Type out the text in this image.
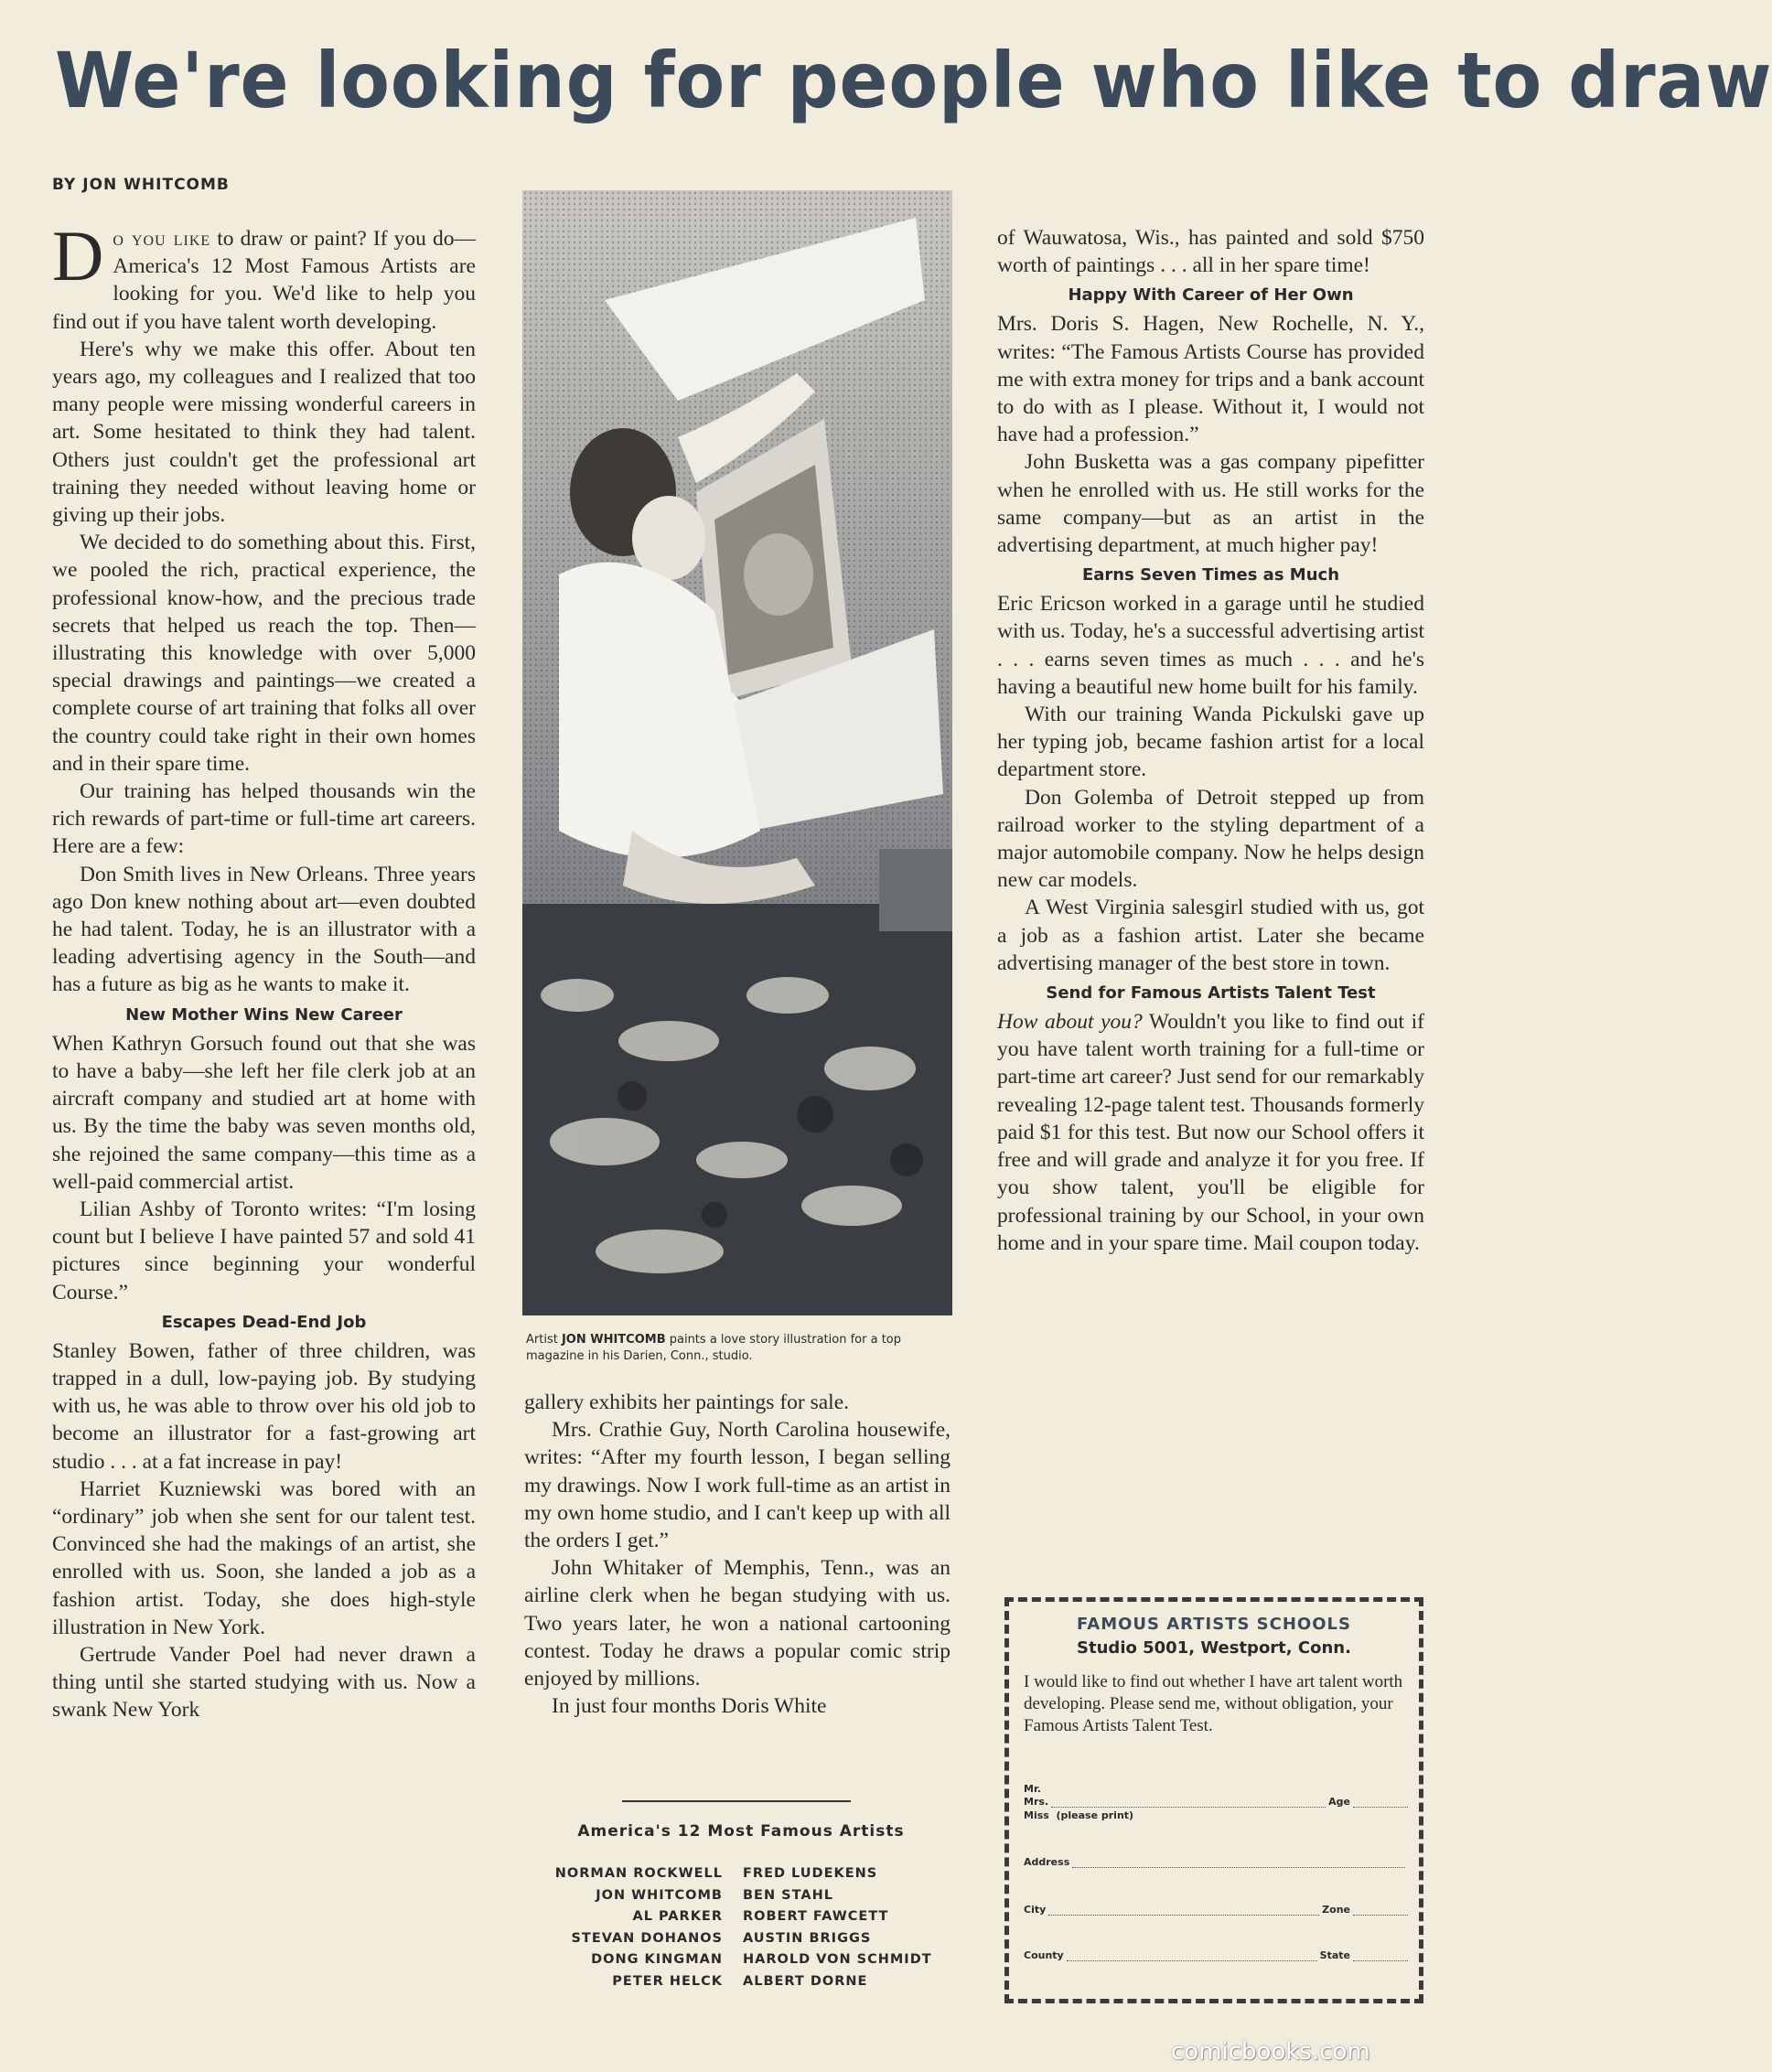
We're looking for people who like to draw
BY JON WHITCOMB

Do you like to draw or paint? If you do—America's 12 Most Famous Artists are looking for you. We'd like to help you find out if you have talent worth developing.

Here's why we make this offer. About ten years ago, my colleagues and I realized that too many people were missing wonderful careers in art. Some hesitated to think they had talent. Others just couldn't get the professional art training they needed without leaving home or giving up their jobs.

We decided to do something about this. First, we pooled the rich, practical experience, the professional know-how, and the precious trade secrets that helped us reach the top. Then—illustrating this knowledge with over 5,000 special drawings and paintings—we created a complete course of art training that folks all over the country could take right in their own homes and in their spare time.

Our training has helped thousands win the rich rewards of part-time or full-time art careers. Here are a few:

Don Smith lives in New Orleans. Three years ago Don knew nothing about art—even doubted he had talent. Today, he is an illustrator with a leading advertising agency in the South—and has a future as big as he wants to make it.

New Mother Wins New Career

When Kathryn Gorsuch found out that she was to have a baby—she left her file clerk job at an aircraft company and studied art at home with us. By the time the baby was seven months old, she rejoined the same company—this time as a well-paid commercial artist.

Lilian Ashby of Toronto writes: “I'm losing count but I believe I have painted 57 and sold 41 pictures since beginning your wonderful Course.”

Escapes Dead-End Job

Stanley Bowen, father of three children, was trapped in a dull, low-paying job. By studying with us, he was able to throw over his old job to become an illustrator for a fast-growing art studio . . . at a fat increase in pay!

Harriet Kuzniewski was bored with an “ordinary” job when she sent for our talent test. Convinced she had the makings of an artist, she enrolled with us. Soon, she landed a job as a fashion artist. Today, she does high-style illustration in New York.

Gertrude Vander Poel had never drawn a thing until she started studying with us. Now a swank New York

Artist JON WHITCOMB paints a love story illustration for a top magazine in his Darien, Conn., studio.

gallery exhibits her paintings for sale.

Mrs. Crathie Guy, North Carolina housewife, writes: “After my fourth lesson, I began selling my drawings. Now I work full-time as an artist in my own home studio, and I can't keep up with all the orders I get.”

John Whitaker of Memphis, Tenn., was an airline clerk when he began studying with us. Two years later, he won a national cartooning contest. Today he draws a popular comic strip enjoyed by millions.

In just four months Doris White

America's 12 Most Famous Artists
NORMAN ROCKWELL	FRED LUDEKENS
JON WHITCOMB	BEN STAHL
AL PARKER	ROBERT FAWCETT
STEVAN DOHANOS	AUSTIN BRIGGS
DONG KINGMAN	HAROLD VON SCHMIDT
PETER HELCK	ALBERT DORNE

of Wauwatosa, Wis., has painted and sold $750 worth of paintings . . . all in her spare time!

Happy With Career of Her Own

Mrs. Doris S. Hagen, New Rochelle, N. Y., writes: “The Famous Artists Course has provided me with extra money for trips and a bank account to do with as I please. Without it, I would not have had a profession.”

John Busketta was a gas company pipefitter when he enrolled with us. He still works for the same company—but as an artist in the advertising department, at much higher pay!

Earns Seven Times as Much

Eric Ericson worked in a garage until he studied with us. Today, he's a successful advertising artist . . . earns seven times as much . . . and he's having a beautiful new home built for his family.

With our training Wanda Pickulski gave up her typing job, became fashion artist for a local department store.

Don Golemba of Detroit stepped up from railroad worker to the styling department of a major automobile company. Now he helps design new car models.

A West Virginia salesgirl studied with us, got a job as a fashion artist. Later she became advertising manager of the best store in town.

Send for Famous Artists Talent Test

How about you? Wouldn't you like to find out if you have talent worth training for a full-time or part-time art career? Just send for our remarkably revealing 12-page talent test. Thousands formerly paid $1 for this test. But now our School offers it free and will grade and analyze it for you free. If you show talent, you'll be eligible for professional training by our School, in your own home and in your spare time. Mail coupon today.

FAMOUS ARTISTS SCHOOLS
Studio 5001, Westport, Conn.

I would like to find out whether I have art talent worth developing. Please send me, without obligation, your Famous Artists Talent Test.

Mr.
Mrs.	Age
Miss
(please print)
Address
City	Zone
County	State
comicbooks.com
